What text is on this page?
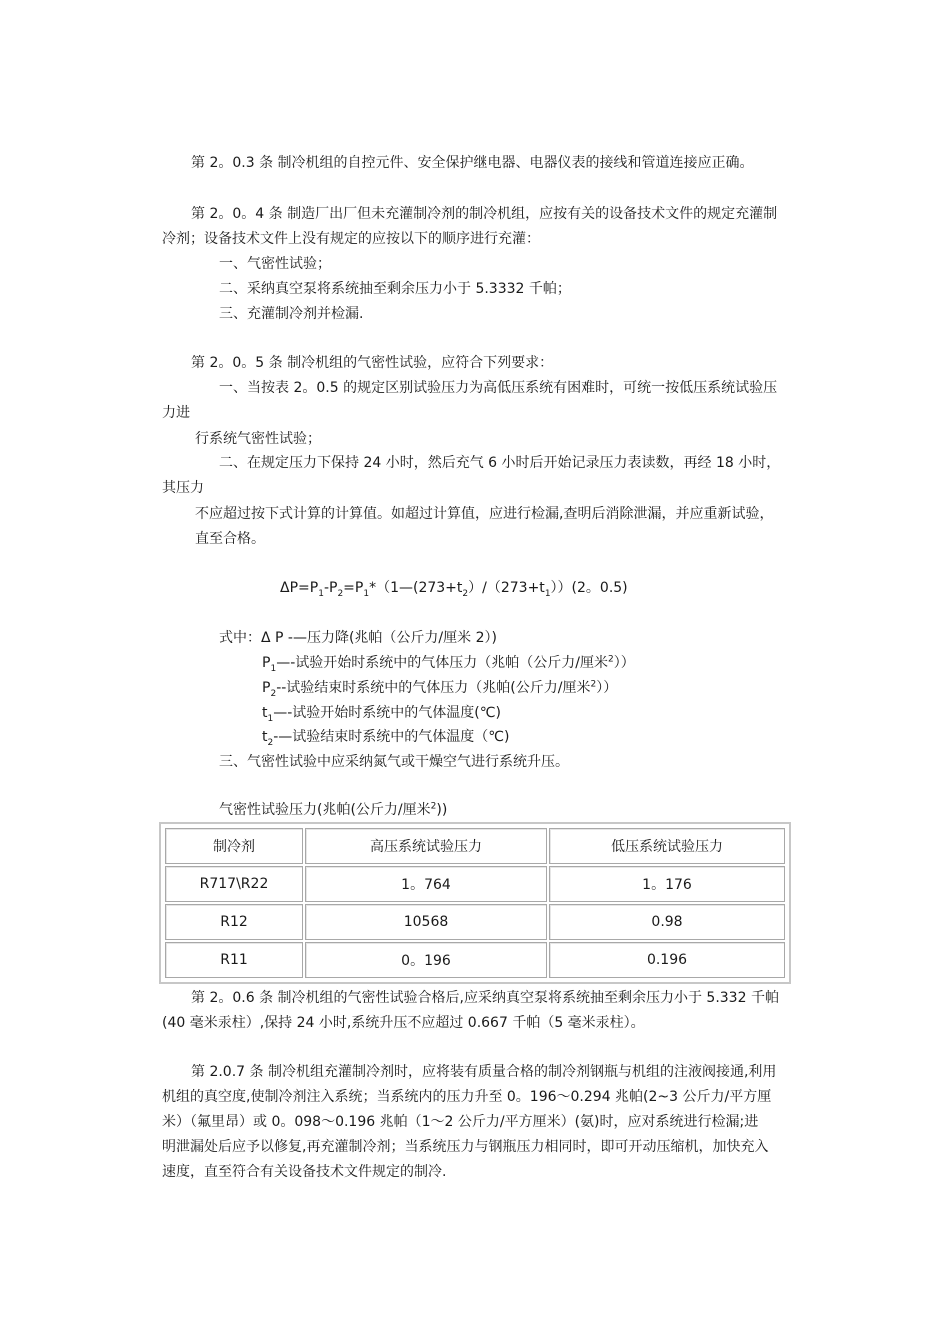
第 2。0.3 条 制冷机组的自控元件、安全保护继电器、电器仪表的接线和管道连接应正确。
第 2。0。4 条 制造厂出厂但未充灌制冷剂的制冷机组，应按有关的设备技术文件的规定充灌制
冷剂；设备技术文件上没有规定的应按以下的顺序进行充灌：
一、气密性试验；
二、采纳真空泵将系统抽至剩余压力小于 5.3332 千帕；
三、充灌制冷剂并检漏.
第 2。0。5 条 制冷机组的气密性试验，应符合下列要求：
一、当按表 2。0.5 的规定区别试验压力为高低压系统有困难时，可统一按低压系统试验压
力进
行系统气密性试验；
二、在规定压力下保持 24 小时，然后充气 6 小时后开始记录压力表读数，再经 18 小时，
其压力
不应超过按下式计算的计算值。如超过计算值，应进行检漏,查明后消除泄漏，并应重新试验，
直至合格。
$\Delta P=P_1-P_2=P_1*(1—(273+t_2)/(273+t_1))(2$。0.5)
式中：Δ P -—压力降(兆帕（公斤力/厘米 2）)
$P_1—-$试验开始时系统中的气体压力（兆帕（公斤力/厘米$^2$））
$P_2--$试验结束时系统中的气体压力（兆帕(公斤力/厘米$^2$））
$t_1—-$试验开始时系统中的气体温度(℃)
$t_2-—$试验结束时系统中的气体温度（℃)
三、气密性试验中应采纳氮气或干燥空气进行系统升压。
气密性试验压力(兆帕(公斤力/厘米$^2$))
制冷剂	高压系统试验压力	低压系统试验压力
R717\R22	1。764	1。176
R12	10568	0.98
R11	0。196	0.196
第 2。0.6 条 制冷机组的气密性试验合格后,应采纳真空泵将系统抽至剩余压力小于 5.332 千帕
(40 毫米汞柱）,保持 24 小时,系统升压不应超过 0.667 千帕（5 毫米汞柱）。
第 2.0.7 条 制冷机组充灌制冷剂时，应将装有质量合格的制冷剂钢瓶与机组的注液阀接通,利用
机组的真空度,使制冷剂注入系统；当系统内的压力升至 0。196～0.294 兆帕(2~3 公斤力/平方厘
米）（氟里昂）或 0。098～0.196 兆帕（1～2 公斤力/平方厘米）(氨)时，应对系统进行检漏;进
明泄漏处后应予以修复,再充灌制冷剂；当系统压力与钢瓶压力相同时，即可开动压缩机，加快充入
速度，直至符合有关设备技术文件规定的制冷.
